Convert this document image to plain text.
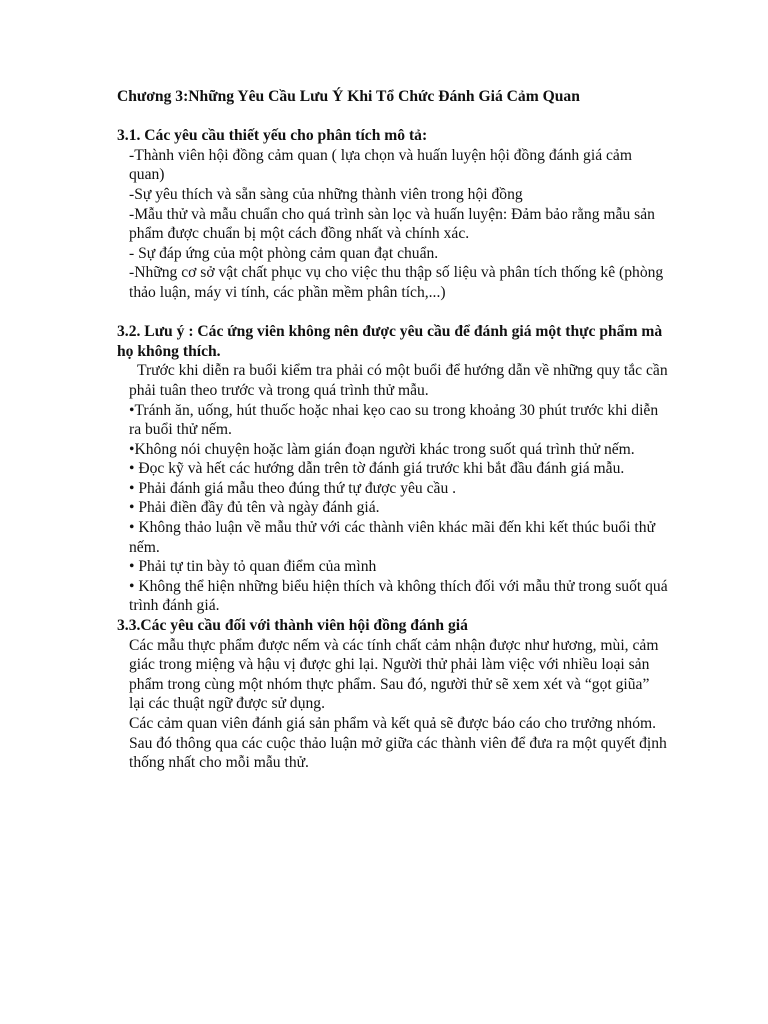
Chương 3:Những Yêu Cầu Lưu Ý Khi Tổ Chức Đánh Giá Cảm Quan

3.1. Các yêu cầu thiết yếu cho phân tích mô tả:

-Thành viên hội đồng cảm quan ( lựa chọn và huấn luyện hội đồng đánh giá cảm quan)

-Sự yêu thích và sẵn sàng của những thành viên trong hội đồng

-Mẫu thử và mẫu chuẩn cho quá trình sàn lọc và huấn luyện: Đảm bảo rằng mẫu sản phẩm được chuẩn bị một cách đồng nhất và chính xác.

- Sự đáp ứng của một phòng cảm quan đạt chuẩn.

-Những cơ sở vật chất phục vụ cho việc thu thập số liệu và phân tích thống kê (phòng thảo luận, máy vi tính, các phần mềm phân tích,...)

3.2. Lưu ý : Các ứng viên không nên được yêu cầu để đánh giá một thực phẩm mà họ không thích.

Trước khi diễn ra buổi kiểm tra phải có một buổi để hướng dẫn về những quy tắc cần phải tuân theo trước và trong quá trình thử mẫu.

•Tránh ăn, uống, hút thuốc hoặc nhai kẹo cao su trong khoảng 30 phút trước khi diễn ra buổi thử nếm.

•Không nói chuyện hoặc làm gián đoạn người khác trong suốt quá trình thử nếm.

• Đọc kỹ và hết các hướng dẫn trên tờ đánh giá trước khi bắt đầu đánh giá mẫu.

• Phải đánh giá mẫu theo đúng thứ tự được yêu cầu .

• Phải điền đầy đủ tên và ngày đánh giá.

• Không thảo luận về mẫu thử với các thành viên khác mãi đến khi kết thúc buổi thử nếm.

• Phải tự tin bày tỏ quan điểm của mình

• Không thể hiện những biểu hiện thích và không thích đối với mẫu thử trong suốt quá trình đánh giá.

3.3.Các yêu cầu đối với thành viên hội đồng đánh giá

Các mẫu thực phẩm được nếm và các tính chất cảm nhận được như hương, mùi, cảm giác trong miệng và hậu vị được ghi lại. Người thử phải làm việc với nhiều loại sản phẩm trong cùng một nhóm thực phẩm. Sau đó, người thử sẽ xem xét và “gọt giũa” lại các thuật ngữ được sử dụng.

Các cảm quan viên đánh giá sản phẩm và kết quả sẽ được báo cáo cho trưởng nhóm. Sau đó thông qua các cuộc thảo luận mở giữa các thành viên để đưa ra một quyết định thống nhất cho mỗi mẫu thử.
